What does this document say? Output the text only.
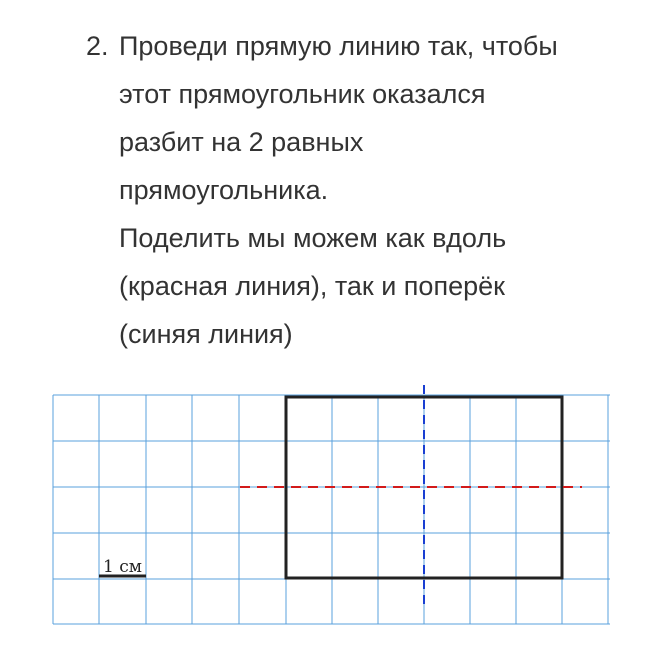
2. Проведи прямую линию так, чтобы
этот прямоугольник оказался
разбит на 2 равных
прямоугольника.
Поделить мы можем как вдоль
(красная линия), так и поперёк
(синяя линия)
1 см
